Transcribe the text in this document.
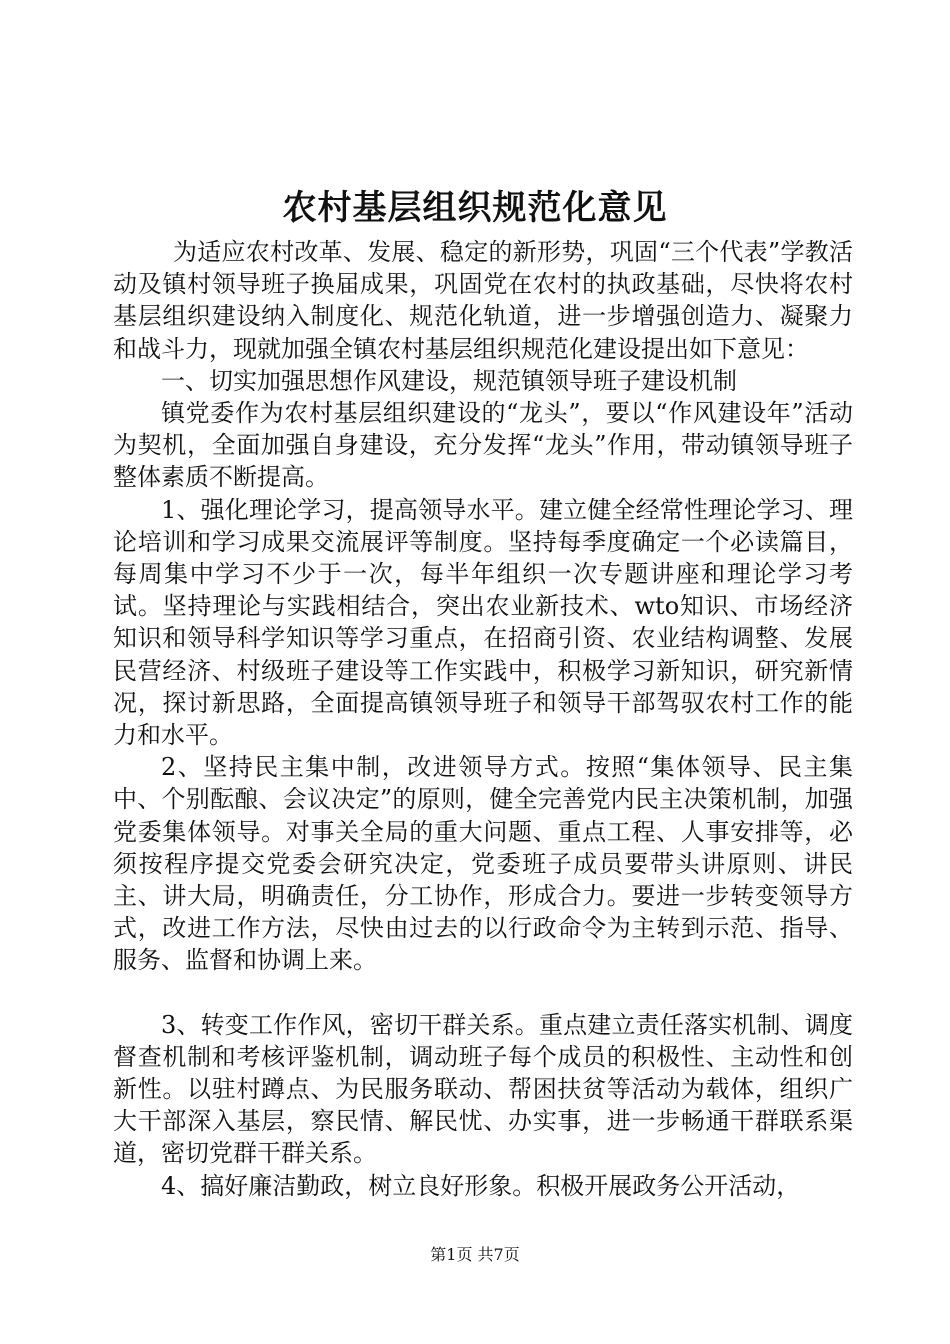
农村基层组织规范化意见

为适应农村改革、发展、稳定的新形势，巩固“三个代表”学教活动及镇村领导班子换届成果，巩固党在农村的执政基础，尽快将农村基层组织建设纳入制度化、规范化轨道，进一步增强创造力、凝聚力和战斗力，现就加强全镇农村基层组织规范化建设提出如下意见：

一、切实加强思想作风建设，规范镇领导班子建设机制

镇党委作为农村基层组织建设的“龙头”，要以“作风建设年”活动为契机，全面加强自身建设，充分发挥“龙头”作用，带动镇领导班子整体素质不断提高。

1、强化理论学习，提高领导水平。建立健全经常性理论学习、理论培训和学习成果交流展评等制度。坚持每季度确定一个必读篇目，每周集中学习不少于一次，每半年组织一次专题讲座和理论学习考试。坚持理论与实践相结合，突出农业新技术、wto知识、市场经济知识和领导科学知识等学习重点，在招商引资、农业结构调整、发展民营经济、村级班子建设等工作实践中，积极学习新知识，研究新情况，探讨新思路，全面提高镇领导班子和领导干部驾驭农村工作的能力和水平。

2、坚持民主集中制，改进领导方式。按照“集体领导、民主集中、个别酝酿、会议决定”的原则，健全完善党内民主决策机制，加强党委集体领导。对事关全局的重大问题、重点工程、人事安排等，必须按程序提交党委会研究决定，党委班子成员要带头讲原则、讲民主、讲大局，明确责任，分工协作，形成合力。要进一步转变领导方式，改进工作方法，尽快由过去的以行政命令为主转到示范、指导、服务、监督和协调上来。

3、转变工作作风，密切干群关系。重点建立责任落实机制、调度督查机制和考核评鉴机制，调动班子每个成员的积极性、主动性和创新性。以驻村蹲点、为民服务联动、帮困扶贫等活动为载体，组织广大干部深入基层，察民情、解民忧、办实事，进一步畅通干群联系渠道，密切党群干群关系。

4、搞好廉洁勤政，树立良好形象。积极开展政务公开活动，

第1页 共7页
